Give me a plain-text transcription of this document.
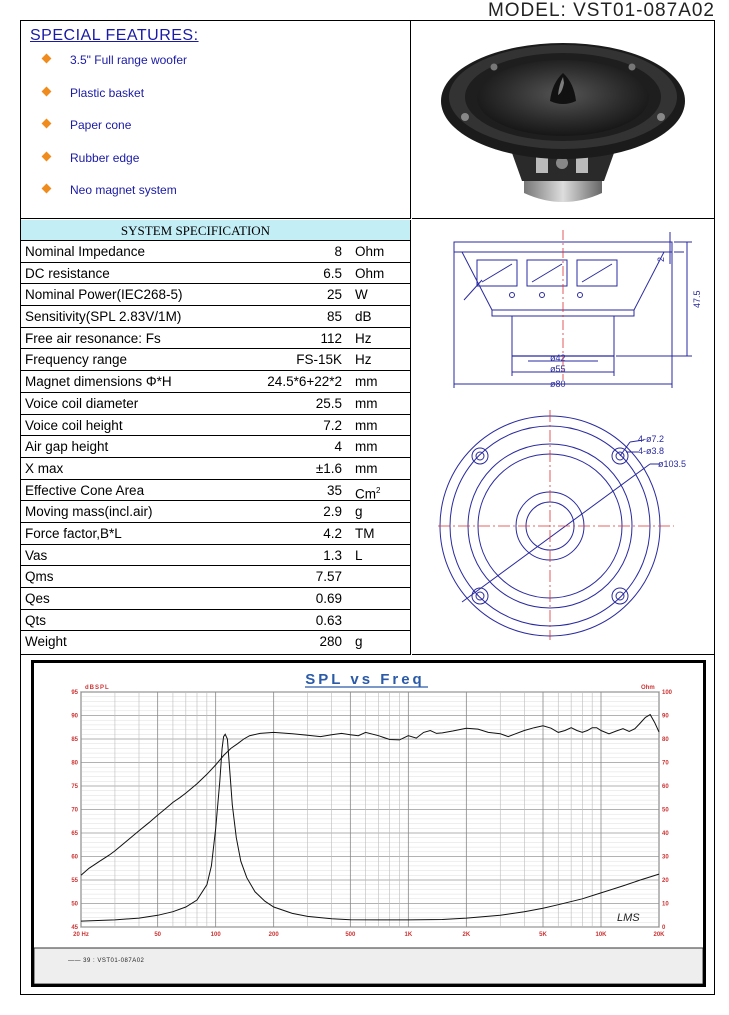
MODEL: VST01-087A02
SPECIAL FEATURES:
3.5" Full range woofer
Plastic basket
Paper cone
Rubber edge
Neo magnet system
SYSTEM SPECIFICATION
Nominal Impedance	8 Ohm
DC resistance	6.5 Ohm
Nominal Power(IEC268-5)	25 W
Sensitivity(SPL 2.83V/1M)	85 dB
Free air resonance: Fs	112 Hz
Frequency range	FS-15K Hz
Magnet dimensions Φ*H	24.5*6+22*2 mm
Voice coil diameter	25.5 mm
Voice coil height	7.2 mm
Air gap height	4 mm
X max	±1.6 mm
Effective Cone Area	35 Cm$^2$
Moving mass(incl.air)	2.9 g
Force factor,B*L	4.2 TM
Vas	1.3 L
Qms	7.57
Qes	0.69
Qts	0.63
Weight	280 g
ø42
ø55
ø80
2
47.5
4-ø7.2
4-ø3.8
ø103.5
SPL vs Freq
dBSPL	Ohm
95
90
85
80
75
70
65
60
55
50
45
100
90
80
70
60
50
40
30
20
10
0
20 Hz	50	100	200	500	1K	2K	5K	10K	20K
LMS
—— 39 : VST01-087A02
